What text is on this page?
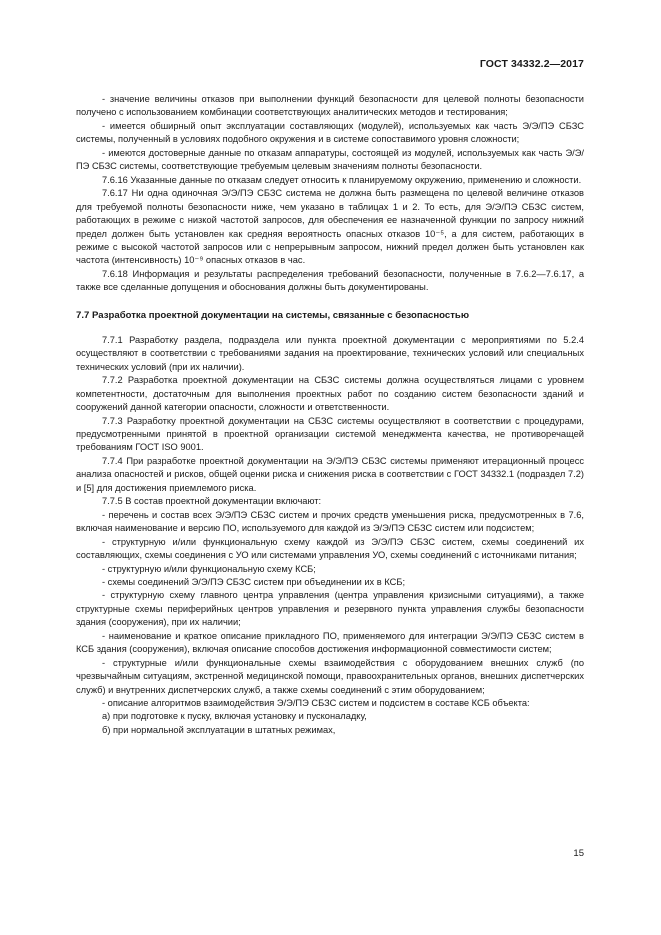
ГОСТ 34332.2—2017

- значение величины отказов при выполнении функций безопасности для целевой полноты безопасности получено с использованием комбинации соответствующих аналитических методов и тестирования;

- имеется обширный опыт эксплуатации составляющих (модулей), используемых как часть Э/Э/ПЭ СБЗС системы, полученный в условиях подобного окружения и в системе сопоставимого уровня сложности;

- имеются достоверные данные по отказам аппаратуры, состоящей из модулей, используемых как часть Э/Э/ПЭ СБЗС системы, соответствующие требуемым целевым значениям полноты безопасности.

7.6.16 Указанные данные по отказам следует относить к планируемому окружению, применению и сложности.

7.6.17 Ни одна одиночная Э/Э/ПЭ СБЗС система не должна быть размещена по целевой величине отказов для требуемой полноты безопасности ниже, чем указано в таблицах 1 и 2. То есть, для Э/Э/ПЭ СБЗС систем, работающих в режиме с низкой частотой запросов, для обеспечения ее назначенной функции по запросу нижний предел должен быть установлен как средняя вероятность опасных отказов 10⁻⁵, а для систем, работающих в режиме с высокой частотой запросов или с непрерывным запросом, нижний предел должен быть установлен как частота (интенсивность) 10⁻⁹ опасных отказов в час.

7.6.18 Информация и результаты распределения требований безопасности, полученные в 7.6.2—7.6.17, а также все сделанные допущения и обоснования должны быть документированы.

7.7 Разработка проектной документации на системы, связанные с безопасностью

7.7.1 Разработку раздела, подраздела или пункта проектной документации с мероприятиями по 5.2.4 осуществляют в соответствии с требованиями задания на проектирование, технических условий или специальных технических условий (при их наличии).

7.7.2 Разработка проектной документации на СБЗС системы должна осуществляться лицами с уровнем компетентности, достаточным для выполнения проектных работ по созданию систем безопасности зданий и сооружений данной категории опасности, сложности и ответственности.

7.7.3 Разработку проектной документации на СБЗС системы осуществляют в соответствии с процедурами, предусмотренными принятой в проектной организации системой менеджмента качества, не противоречащей требованиям ГОСТ ISO 9001.

7.7.4 При разработке проектной документации на Э/Э/ПЭ СБЗС системы применяют итерационный процесс анализа опасностей и рисков, общей оценки риска и снижения риска в соответствии с ГОСТ 34332.1 (подраздел 7.2) и [5] для достижения приемлемого риска.

7.7.5 В состав проектной документации включают:

- перечень и состав всех Э/Э/ПЭ СБЗС систем и прочих средств уменьшения риска, предусмотренных в 7.6, включая наименование и версию ПО, используемого для каждой из Э/Э/ПЭ СБЗС систем или подсистем;

- структурную и/или функциональную схему каждой из Э/Э/ПЭ СБЗС систем, схемы соединений их составляющих, схемы соединения с УО или системами управления УО, схемы соединений с источниками питания;

- структурную и/или функциональную схему КСБ;

- схемы соединений Э/Э/ПЭ СБЗС систем при объединении их в КСБ;

- структурную схему главного центра управления (центра управления кризисными ситуациями), а также структурные схемы периферийных центров управления и резервного пункта управления службы безопасности здания (сооружения), при их наличии;

- наименование и краткое описание прикладного ПО, применяемого для интеграции Э/Э/ПЭ СБЗС систем в КСБ здания (сооружения), включая описание способов достижения информационной совместимости систем;

- структурные и/или функциональные схемы взаимодействия с оборудованием внешних служб (по чрезвычайным ситуациям, экстренной медицинской помощи, правоохранительных органов, внешних диспетчерских служб) и внутренних диспетчерских служб, а также схемы соединений с этим оборудованием;

- описание алгоритмов взаимодействия Э/Э/ПЭ СБЗС систем и подсистем в составе КСБ объекта:

а) при подготовке к пуску, включая установку и пусконаладку,

б) при нормальной эксплуатации в штатных режимах,

15
